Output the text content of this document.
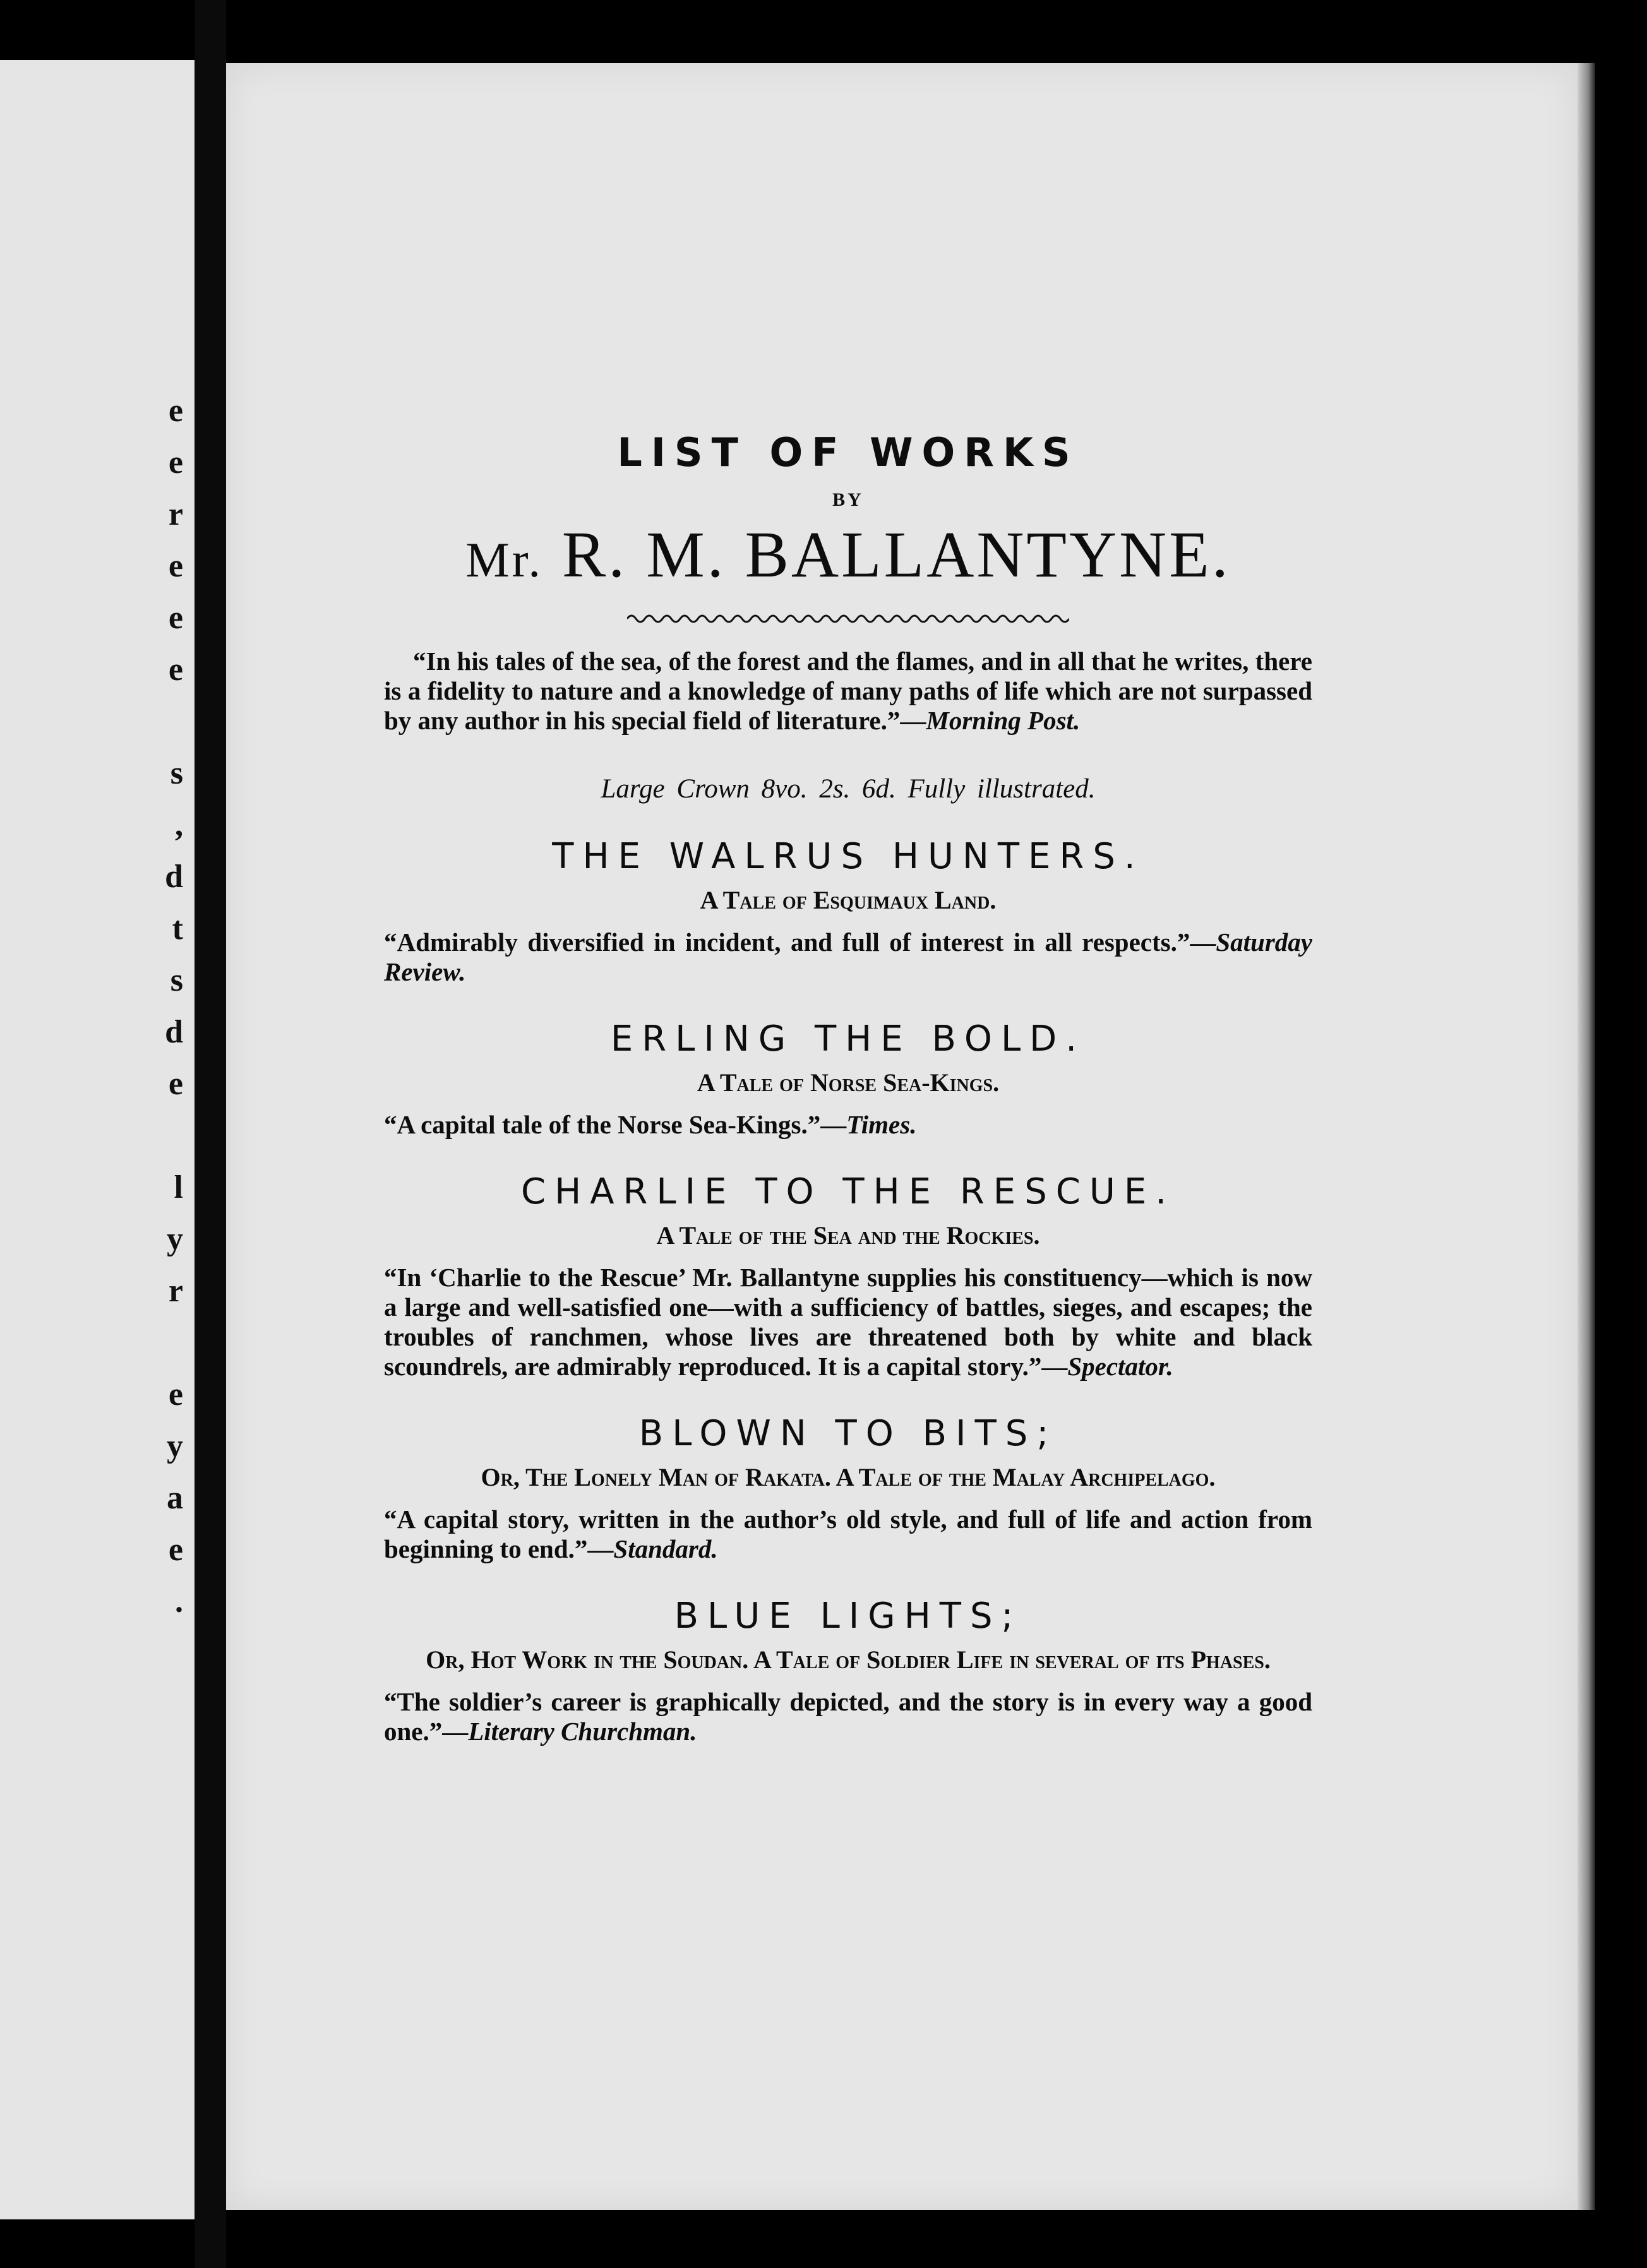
e
e
r
e
e
e
s
,
d
t
s
d
e
l
y
r
e
y
a
e
.
LIST OF WORKS
BY
Mr. R. M. BALLANTYNE.

“In his tales of the sea, of the forest and the flames, and in all that he writes, there is a fidelity to nature and a knowledge of many paths of life which are not surpassed by any author in his special field of literature.”—Morning Post.

Large Crown 8vo. 2s. 6d. Fully illustrated.
THE WALRUS HUNTERS.
A Tale of Esquimaux Land.

“Admirably diversified in incident, and full of interest in all respects.”—Saturday Review.

ERLING THE BOLD.
A Tale of Norse Sea-Kings.

“A capital tale of the Norse Sea-Kings.”—Times.

CHARLIE TO THE RESCUE.
A Tale of the Sea and the Rockies.

“In ‘Charlie to the Rescue’ Mr. Ballantyne supplies his constituency—which is now a large and well-satisfied one—with a sufficiency of battles, sieges, and escapes; the troubles of ranchmen, whose lives are threatened both by white and black scoundrels, are admirably reproduced. It is a capital story.”—Spectator.

BLOWN TO BITS;
Or, The Lonely Man of Rakata. A Tale of the Malay Archipelago.

“A capital story, written in the author’s old style, and full of life and action from beginning to end.”—Standard.

BLUE LIGHTS;
Or, Hot Work in the Soudan. A Tale of Soldier Life in several of its Phases.

“The soldier’s career is graphically depicted, and the story is in every way a good one.”—Literary Churchman.
